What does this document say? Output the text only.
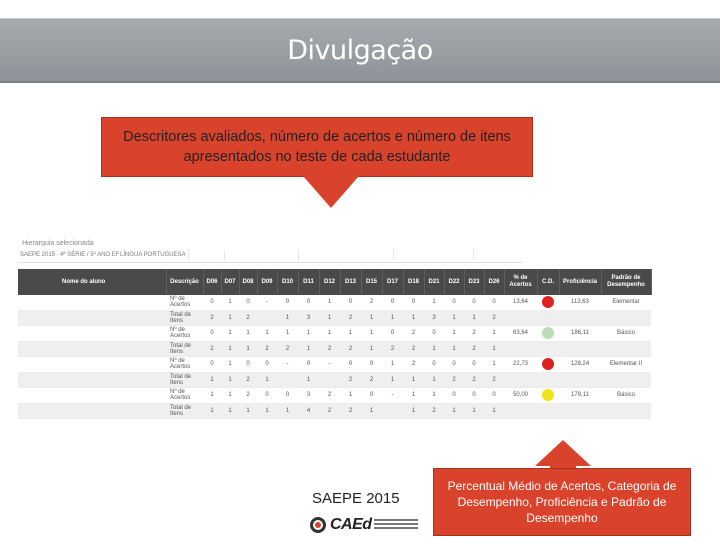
Divulgação
Descritores avaliados, número de acertos e número de itens apresentados no teste de cada estudante
Hierarquia selecionada
SAEPE 2015 4ª SÉRIE / 5º ANO EF LÍNGUA PORTUGUESA
Nome do aluno	Descrição	D06	D07	D08	D09	D10	D11	D12	D13	D15	D17	D18	D21	D22	D23	D26	% de Acertos	C.D.	Proficiência	Padrão de Desempenho
	Nº de Acertos	0	1	0	-	0	0	1	0	2	0	0	1	0	0	0	13,64		113,63	Elementar
	Total de Itens	2	1	2		1	3	1	2	1	1	1	3	1	1	2				
	Nº de Acertos	0	1	1	1	1	1	1	1	1	0	2	0	1	2	1	63,64		186,11	Básico
	Total de Itens	2	1	1	2	2	1	2	2	1	2	2	1	1	2	1				
	Nº de Acertos	0	1	0	0	-	0	-	0	0	1	2	0	0	0	1	22,73		128,24	Elementar II
	Total de Itens	1	1	2	1		1		2	2	1	1	1	2	2	2				
	Nº de Acertos	1	1	2	0	0	3	2	1	0	-	1	1	0	0	0	50,00		179,11	Básico
	Total de Itens	1	1	1	1	1	4	2	2	1		1	2	1	1	1				
SAEPE 2015
CAEd
Percentual Médio de Acertos, Categoria de Desempenho, Proficiência e Padrão de Desempenho
